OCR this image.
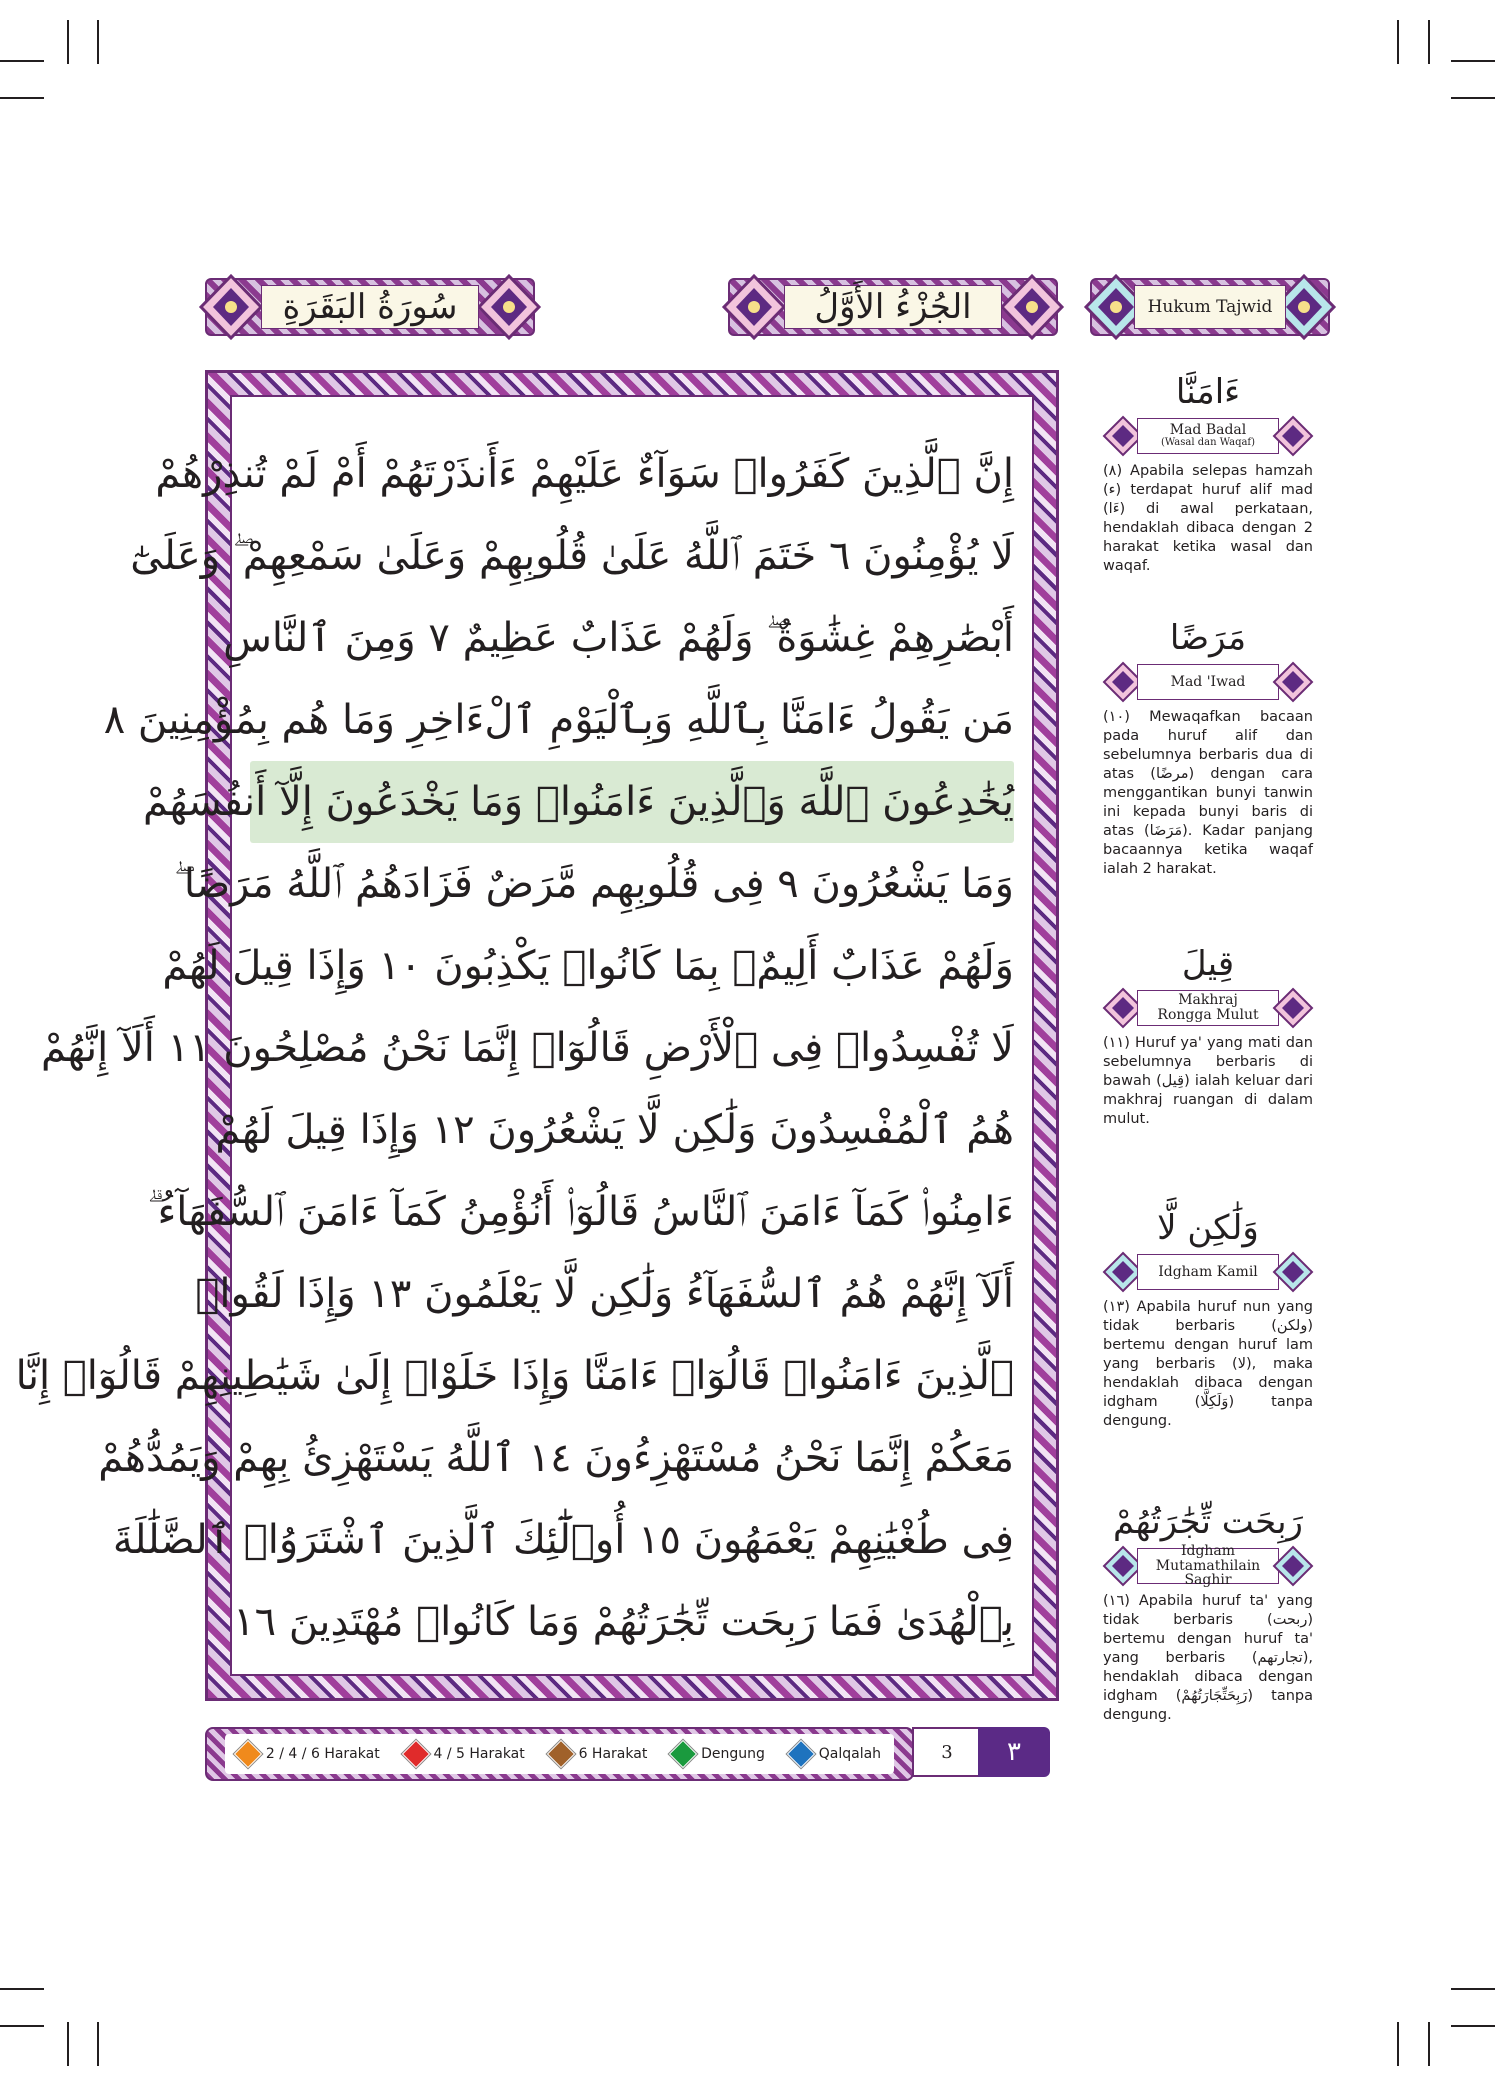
سُورَةُ البَقَرَةِ	الجُزْءُ الأَوَّلُ	Hukum Tajwid
إِنَّ ٱلَّذِينَ كَفَرُوا۟ سَوَآءٌ عَلَيْهِمْ ءَأَنذَرْتَهُمْ أَمْ لَمْ تُنذِرْهُمْ
لَا يُؤْمِنُونَ ٦ خَتَمَ ٱللَّهُ عَلَىٰ قُلُوبِهِمْ وَعَلَىٰ سَمْعِهِمْ ۖ وَعَلَىٰٓ
أَبْصَٰرِهِمْ غِشَٰوَةٌ ۖ وَلَهُمْ عَذَابٌ عَظِيمٌ ٧ وَمِنَ ٱلنَّاسِ
مَن يَقُولُ ءَامَنَّا بِٱللَّهِ وَبِٱلْيَوْمِ ٱلْءَاخِرِ وَمَا هُم بِمُؤْمِنِينَ ٨
يُخَٰدِعُونَ ٱللَّهَ وَٱلَّذِينَ ءَامَنُوا۟ وَمَا يَخْدَعُونَ إِلَّآ أَنفُسَهُمْ
وَمَا يَشْعُرُونَ ٩ فِى قُلُوبِهِم مَّرَضٌ فَزَادَهُمُ ٱللَّهُ مَرَضًا ۖ
وَلَهُمْ عَذَابٌ أَلِيمٌۢ بِمَا كَانُوا۟ يَكْذِبُونَ ١٠ وَإِذَا قِيلَ لَهُمْ
لَا تُفْسِدُوا۟ فِى ٱلْأَرْضِ قَالُوٓا۟ إِنَّمَا نَحْنُ مُصْلِحُونَ ١١ أَلَآ إِنَّهُمْ
هُمُ ٱلْمُفْسِدُونَ وَلَٰكِن لَّا يَشْعُرُونَ ١٢ وَإِذَا قِيلَ لَهُمْ
ءَامِنُوا۟ كَمَآ ءَامَنَ ٱلنَّاسُ قَالُوٓا۟ أَنُؤْمِنُ كَمَآ ءَامَنَ ٱلسُّفَهَآءُ ۗ
أَلَآ إِنَّهُمْ هُمُ ٱلسُّفَهَآءُ وَلَٰكِن لَّا يَعْلَمُونَ ١٣ وَإِذَا لَقُوا۟
ٱلَّذِينَ ءَامَنُوا۟ قَالُوٓا۟ ءَامَنَّا وَإِذَا خَلَوْا۟ إِلَىٰ شَيَٰطِينِهِمْ قَالُوٓا۟ إِنَّا
مَعَكُمْ إِنَّمَا نَحْنُ مُسْتَهْزِءُونَ ١٤ ٱللَّهُ يَسْتَهْزِئُ بِهِمْ وَيَمُدُّهُمْ
فِى طُغْيَٰنِهِمْ يَعْمَهُونَ ١٥ أُو۟لَٰٓئِكَ ٱلَّذِينَ ٱشْتَرَوُا۟ ٱلضَّلَٰلَةَ
بِٱلْهُدَىٰ فَمَا رَبِحَت تِّجَٰرَتُهُمْ وَمَا كَانُوا۟ مُهْتَدِينَ ١٦
2 / 4 / 6 Harakat	4 / 5 Harakat	6 Harakat	Dengung	Qalqalah	3	٣
ءَامَنَّا
Mad Badal
(Wasal dan Waqaf)
(٨) Apabila selepas hamzah (ء) terdapat huruf alif mad (ءَا) di awal perkataan, hendaklah dibaca dengan 2 harakat ketika wasal dan waqaf.
مَرَضًا
Mad 'Iwad
(١٠) Mewaqafkan bacaan pada huruf alif dan sebelumnya berbaris dua di atas (مرضًا) dengan cara menggantikan bunyi tanwin ini kepada bunyi baris di atas (مَرَضَا). Kadar panjang bacaannya ketika waqaf ialah 2 harakat.
قِيلَ
Makhraj
Rongga Mulut
(١١) Huruf ya' yang mati dan sebelumnya berbaris di bawah (قِيل) ialah keluar dari makhraj ruangan di dalam mulut.
وَلَٰكِن لَّا
Idgham Kamil
(١٣) Apabila huruf nun yang tidak berbaris (ولكن) bertemu dengan huruf lam yang berbaris (لا), maka hendaklah dibaca dengan idgham (وَلَكِلَّا) tanpa dengung.
رَبِحَت تِّجَٰرَتُهُمْ
Idgham Mutamathilain
Saghir
(١٦) Apabila huruf ta' yang tidak berbaris (ربحت) bertemu dengan huruf ta' yang berbaris (تجارتهم), hendaklah dibaca dengan idgham (رَبِحَتِّجَارَتُهُمْ) tanpa dengung.
